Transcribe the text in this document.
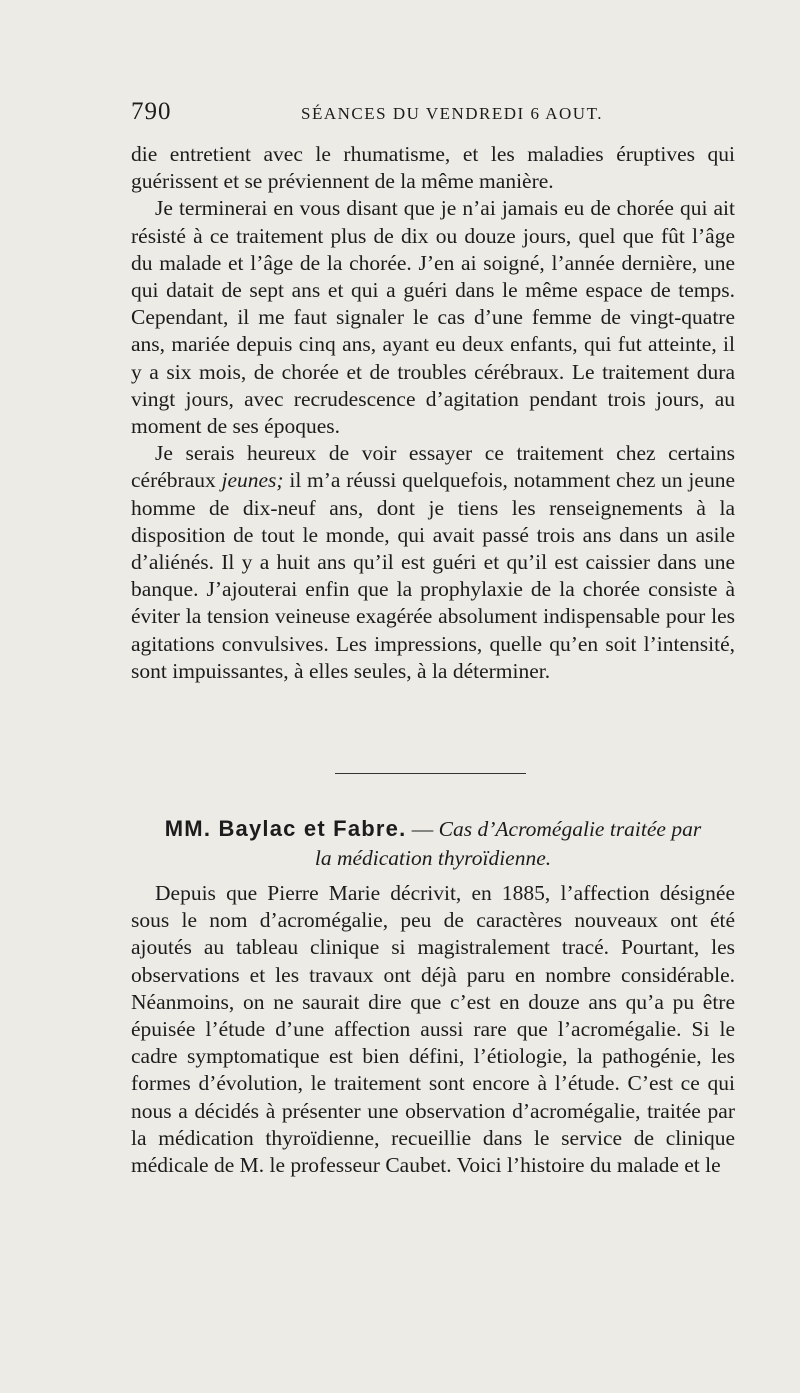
790	SÉANCES DU VENDREDI 6 AOUT.

die entretient avec le rhumatisme, et les maladies éruptives qui guérissent et se préviennent de la même manière.

Je terminerai en vous disant que je n’ai jamais eu de chorée qui ait résisté à ce traitement plus de dix ou douze jours, quel que fût l’âge du malade et l’âge de la chorée. J’en ai soigné, l’année dernière, une qui datait de sept ans et qui a guéri dans le même espace de temps. Cependant, il me faut signaler le cas d’une femme de vingt-quatre ans, mariée depuis cinq ans, ayant eu deux enfants, qui fut atteinte, il y a six mois, de chorée et de troubles cérébraux. Le traitement dura vingt jours, avec recrudescence d’agitation pendant trois jours, au moment de ses époques.

Je serais heureux de voir essayer ce traitement chez certains cérébraux jeunes; il m’a réussi quelquefois, notamment chez un jeune homme de dix-neuf ans, dont je tiens les renseignements à la disposition de tout le monde, qui avait passé trois ans dans un asile d’aliénés. Il y a huit ans qu’il est guéri et qu’il est caissier dans une banque. J’ajouterai enfin que la prophylaxie de la chorée consiste à éviter la tension veineuse exagérée absolument indispensable pour les agitations convulsives. Les impressions, quelle qu’en soit l’intensité, sont impuissantes, à elles seules, à la déterminer.

MM. Baylac et Fabre. — Cas d’Acromégalie traitée par
la médication thyroïdienne.

Depuis que Pierre Marie décrivit, en 1885, l’affection désignée sous le nom d’acromégalie, peu de caractères nouveaux ont été ajoutés au tableau clinique si magistralement tracé. Pourtant, les observations et les travaux ont déjà paru en nombre considérable. Néanmoins, on ne saurait dire que c’est en douze ans qu’a pu être épuisée l’étude d’une affection aussi rare que l’acromégalie. Si le cadre symptomatique est bien défini, l’étiologie, la pathogénie, les formes d’évolution, le traitement sont encore à l’étude. C’est ce qui nous a décidés à présenter une observation d’acromégalie, traitée par la médication thyroïdienne, recueillie dans le service de clinique médicale de M. le professeur Caubet. Voici l’histoire du malade et le
